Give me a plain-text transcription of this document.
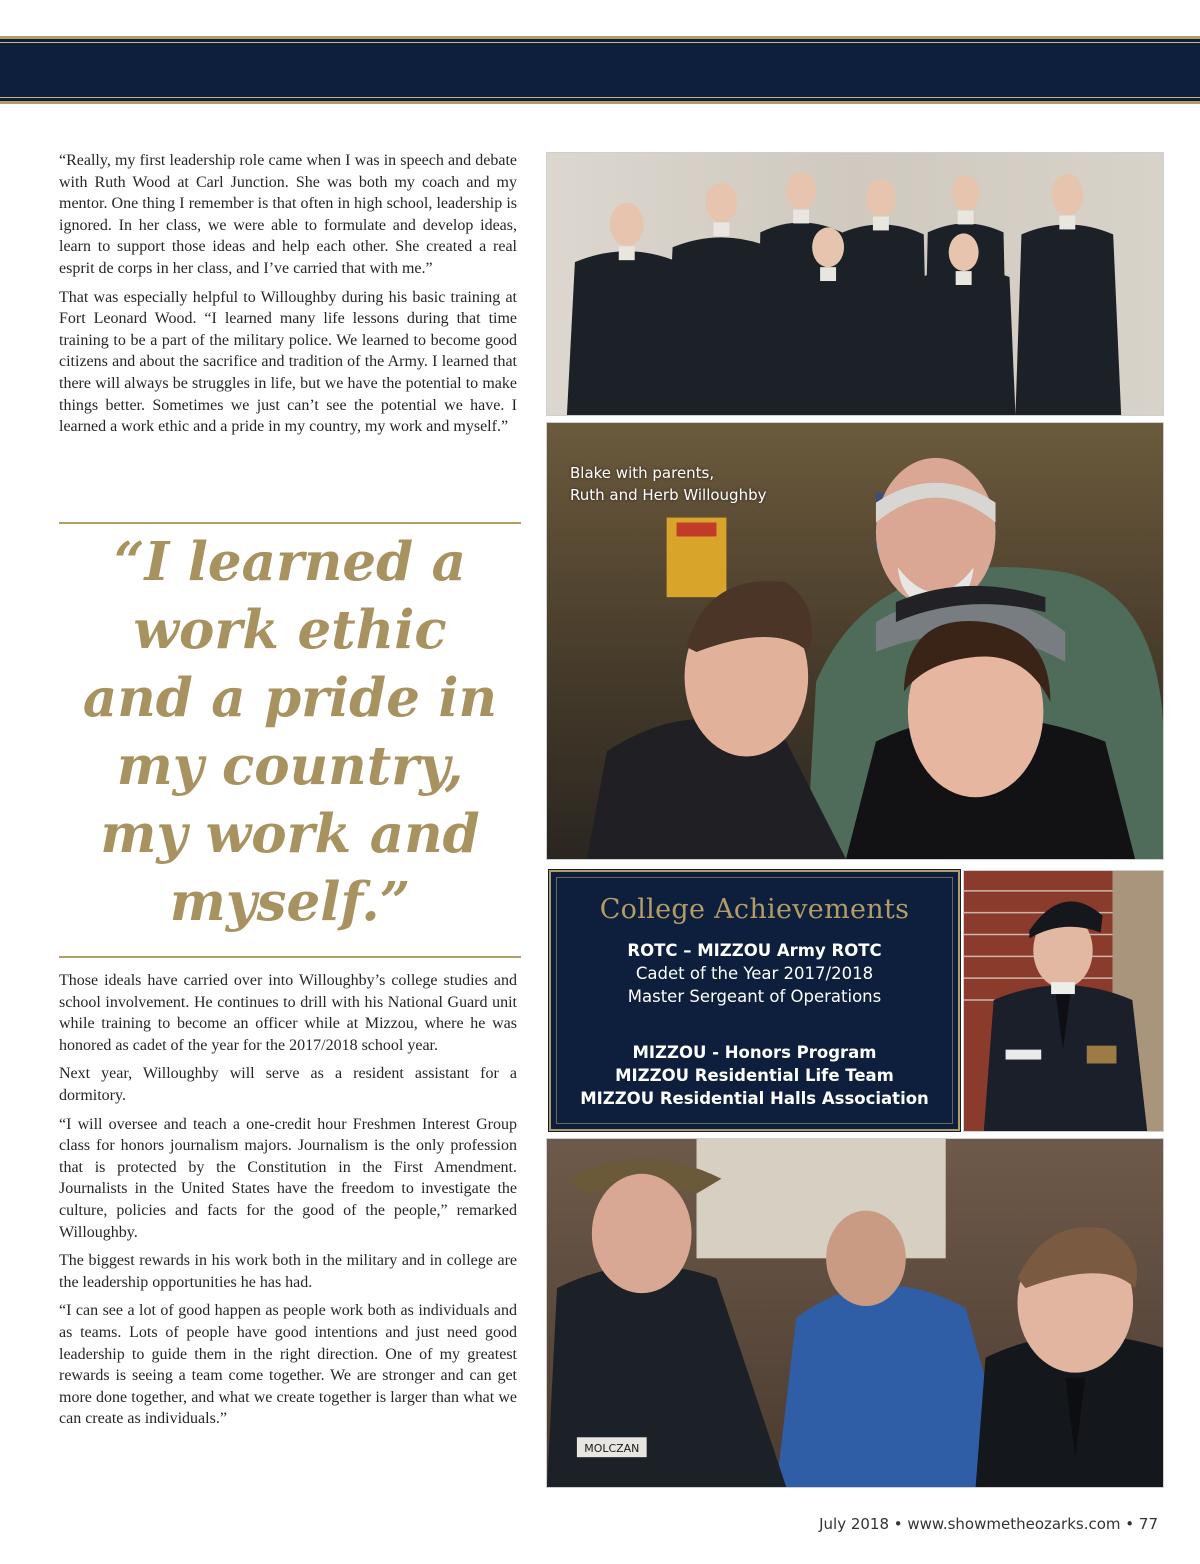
“Really, my first leadership role came when I was in speech and debate with Ruth Wood at Carl Junction. She was both my coach and my mentor. One thing I remember is that often in high school, leadership is ignored. In her class, we were able to formulate and develop ideas, learn to support those ideas and help each other. She created a real esprit de corps in her class, and I’ve carried that with me.”

That was especially helpful to Willoughby during his basic training at Fort Leonard Wood. “I learned many life lessons during that time training to be a part of the military police. We learned to become good citizens and about the sacrifice and tradition of the Army. I learned that there will always be struggles in life, but we have the potential to make things better. Sometimes we just can’t see the potential we have. I learned a work ethic and a pride in my country, my work and myself.”

“I learned a
work ethic
and a pride in
my country,
my work and
myself.”

Those ideals have carried over into Willoughby’s college studies and school involvement. He continues to drill with his National Guard unit while training to become an officer while at Mizzou, where he was honored as cadet of the year for the 2017/2018 school year.

Next year, Willoughby will serve as a resident assistant for a dormitory.

“I will oversee and teach a one-credit hour Freshmen Interest Group class for honors journalism majors. Journalism is the only profession that is protected by the Constitution in the First Amendment. Journalists in the United States have the freedom to investigate the culture, policies and facts for the good of the people,” remarked Willoughby.

The biggest rewards in his work both in the military and in college are the leadership opportunities he has had.

“I can see a lot of good happen as people work both as individuals and as teams. Lots of people have good intentions and just need good leadership to guide them in the right direction. One of my greatest rewards is seeing a team come together. We are stronger and can get more done together, and what we create together is larger than what we can create as individuals.”

Blake with parents,
Ruth and Herb Willoughby
College Achievements
ROTC – MIZZOU Army ROTC
Cadet of the Year 2017/2018
Master Sergeant of Operations
MIZZOU - Honors Program
MIZZOU Residential Life Team
MIZZOU Residential Halls Association
MOLCZAN
July 2018 • www.showmetheozarks.com • 77
